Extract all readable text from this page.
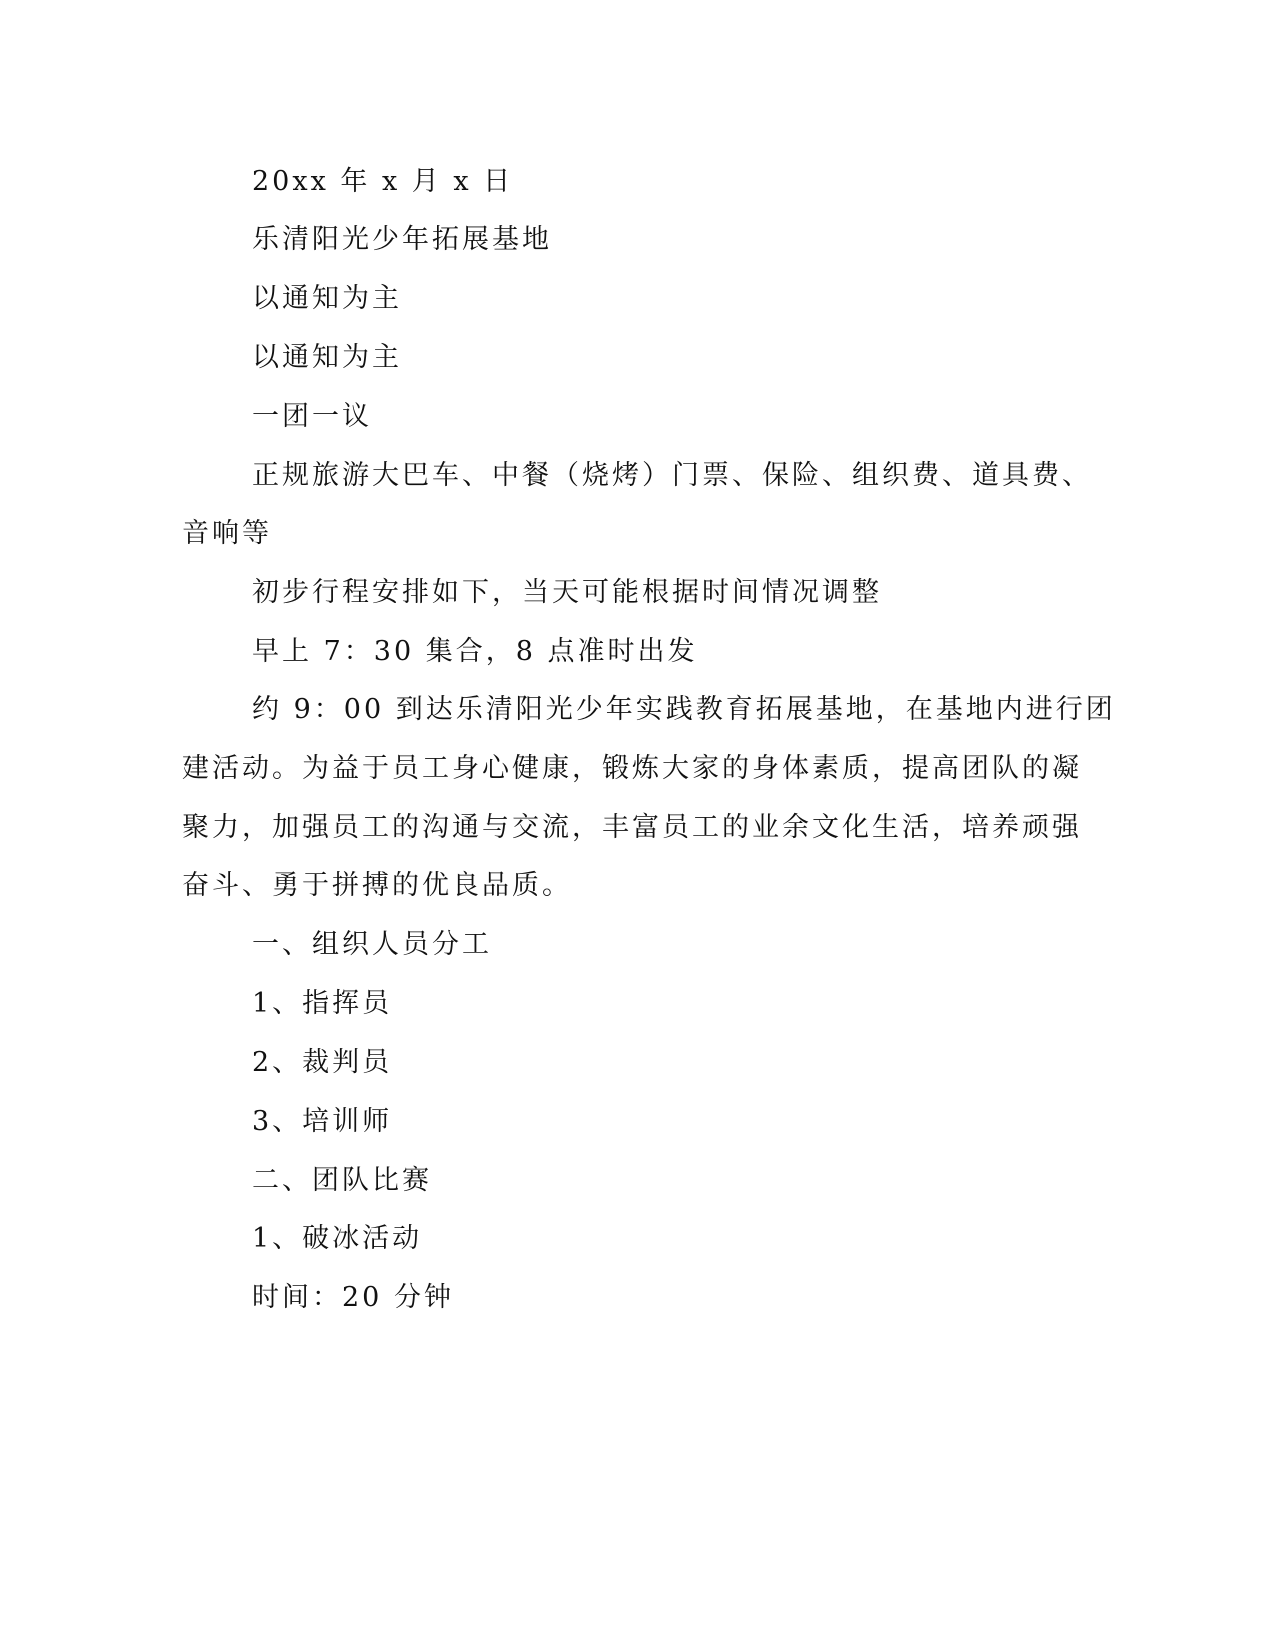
20xx 年 x 月 x 日

乐清阳光少年拓展基地

以通知为主

以通知为主

一团一议

正规旅游大巴车、中餐（烧烤）门票、保险、组织费、道具费、

音响等

初步行程安排如下，当天可能根据时间情况调整

早上 7：30 集合，8 点准时出发

约 9：00 到达乐清阳光少年实践教育拓展基地，在基地内进行团

建活动。为益于员工身心健康，锻炼大家的身体素质，提高团队的凝

聚力，加强员工的沟通与交流，丰富员工的业余文化生活，培养顽强

奋斗、勇于拼搏的优良品质。

一、组织人员分工

1、指挥员

2、裁判员

3、培训师

二、团队比赛

1、破冰活动

时间：20 分钟
